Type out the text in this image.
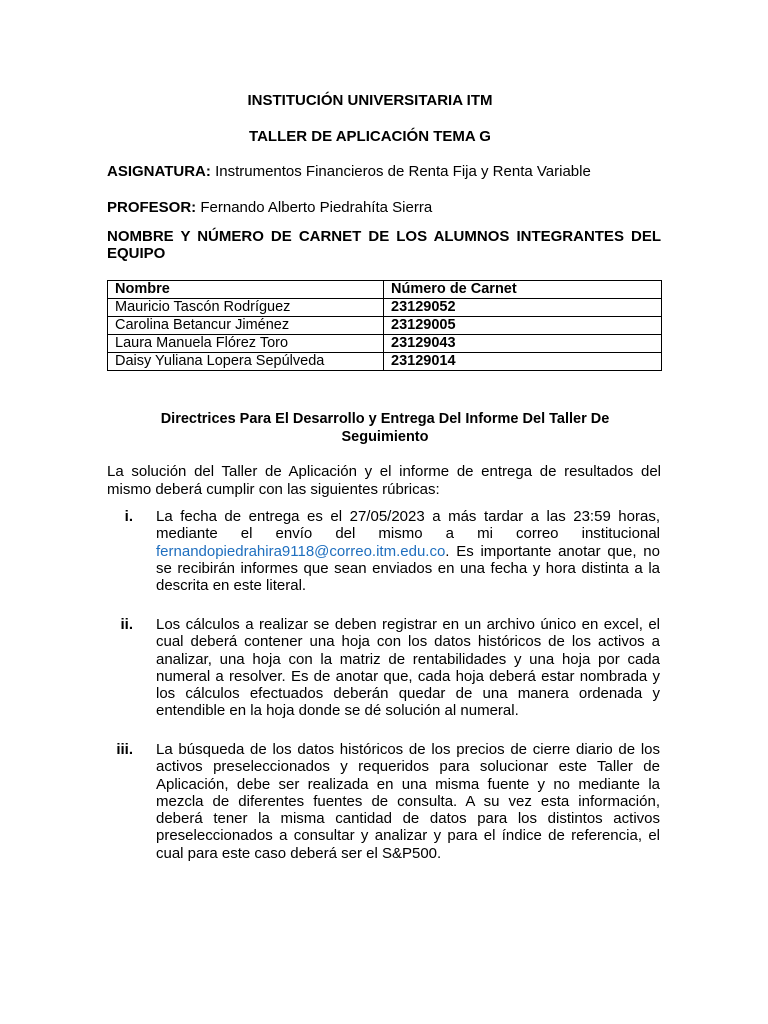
INSTITUCIÓN UNIVERSITARIA ITM
TALLER DE APLICACIÓN TEMA G
ASIGNATURA: Instrumentos Financieros de Renta Fija y Renta Variable
PROFESOR: Fernando Alberto Piedrahíta Sierra
NOMBRE Y NÚMERO DE CARNET DE LOS ALUMNOS INTEGRANTES DEL EQUIPO
Nombre	Número de Carnet
Mauricio Tascón Rodríguez	23129052
Carolina Betancur Jiménez	23129005
Laura Manuela Flórez Toro	23129043
Daisy Yuliana Lopera Sepúlveda	23129014
Directrices Para El Desarrollo y Entrega Del Informe Del Taller De Seguimiento
La solución del Taller de Aplicación y el informe de entrega de resultados del mismo deberá cumplir con las siguientes rúbricas:
i. La fecha de entrega es el 27/05/2023 a más tardar a las 23:59 horas, mediante el envío del mismo a mi correo institucional fernandopiedrahira9118@correo.itm.edu.co. Es importante anotar que, no se recibirán informes que sean enviados en una fecha y hora distinta a la descrita en este literal.
ii. Los cálculos a realizar se deben registrar en un archivo único en excel, el cual deberá contener una hoja con los datos históricos de los activos a analizar, una hoja con la matriz de rentabilidades y una hoja por cada numeral a resolver. Es de anotar que, cada hoja deberá estar nombrada y los cálculos efectuados deberán quedar de una manera ordenada y entendible en la hoja donde se dé solución al numeral.
iii. La búsqueda de los datos históricos de los precios de cierre diario de los activos preseleccionados y requeridos para solucionar este Taller de Aplicación, debe ser realizada en una misma fuente y no mediante la mezcla de diferentes fuentes de consulta. A su vez esta información, deberá tener la misma cantidad de datos para los distintos activos preseleccionados a consultar y analizar y para el índice de referencia, el cual para este caso deberá ser el S&P500.
